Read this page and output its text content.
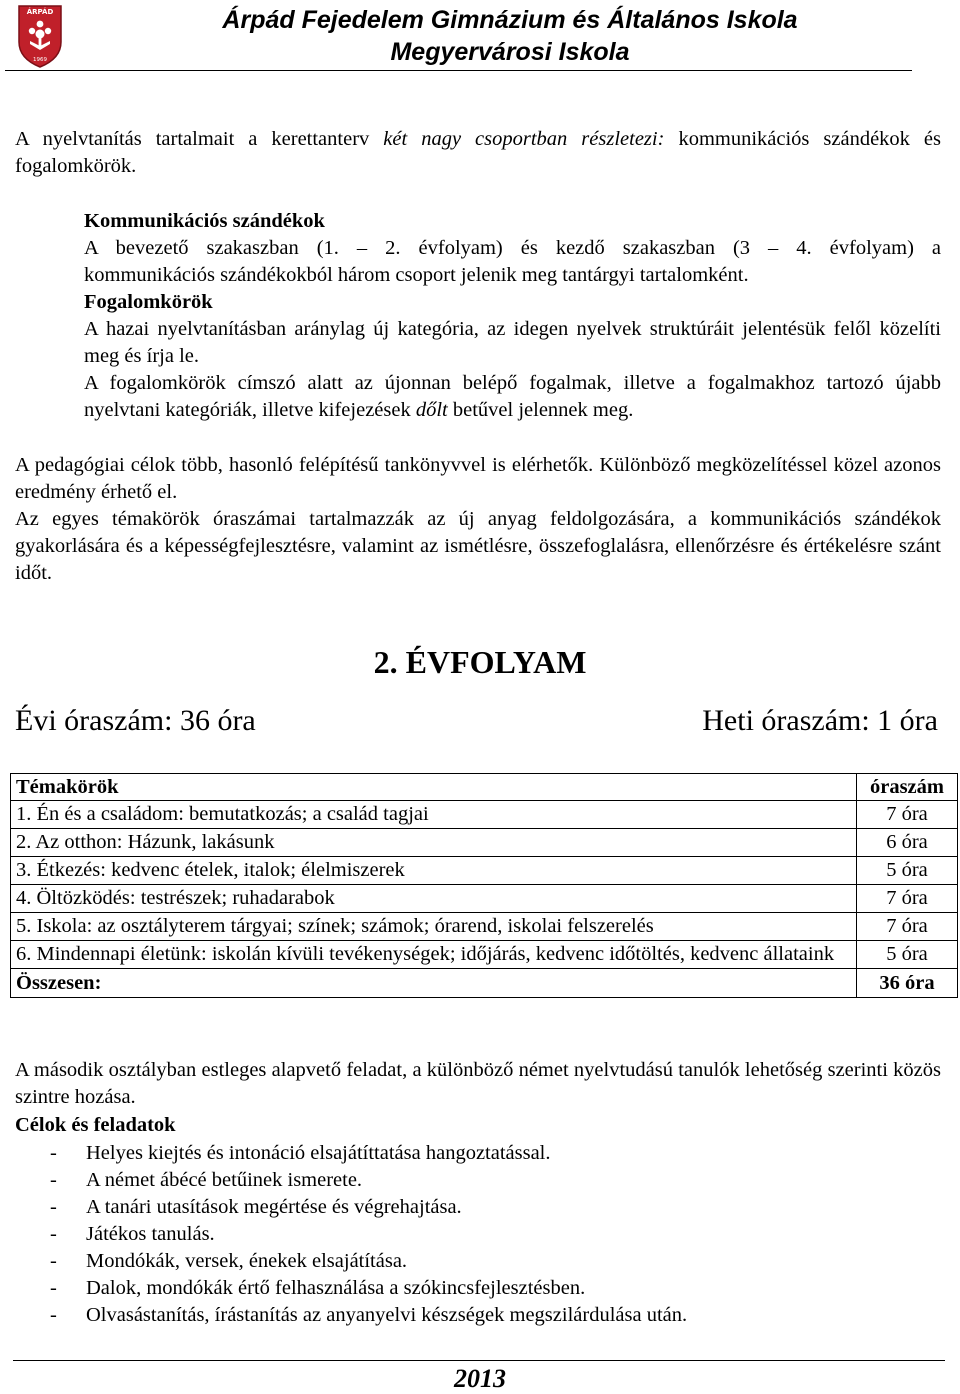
ÁRPÁD
1969
Árpád Fejedelem Gimnázium és Általános Iskola
Megyervárosi Iskola

A nyelvtanítás tartalmait a kerettanterv két nagy csoportban részletezi: kommunikációs szándékok és fogalomkörök.

Kommunikációs szándékok
A bevezető szakaszban (1. – 2. évfolyam) és kezdő szakaszban (3 – 4. évfolyam) a
kommunikációs szándékokból három csoport jelenik meg tantárgyi tartalomként.
Fogalomkörök

A hazai nyelvtanításban aránylag új kategória, az idegen nyelvek struktúráit jelentésük felől közelíti meg és írja le.

A fogalomkörök címszó alatt az újonnan belépő fogalmak, illetve a fogalmakhoz tartozó újabb nyelvtani kategóriák, illetve kifejezések dőlt betűvel jelennek meg.

A pedagógiai célok több, hasonló felépítésű tankönyvvel is elérhetők. Különböző megközelítéssel közel azonos eredmény érhető el.

Az egyes témakörök óraszámai tartalmazzák az új anyag feldolgozására, a kommunikációs szándékok gyakorlására és a képességfejlesztésre, valamint az ismétlésre, összefoglalásra, ellenőrzésre és értékelésre szánt időt.

2. ÉVFOLYAM
Évi óraszám: 36 óra	Heti óraszám: 1 óra
Témakörök	óraszám
1. Én és a családom: bemutatkozás; a család tagjai	7 óra
2. Az otthon: Házunk, lakásunk	6 óra
3. Étkezés: kedvenc ételek, italok; élelmiszerek	5 óra
4. Öltözködés: testrészek; ruhadarabok	7 óra
5. Iskola: az osztályterem tárgyai; színek; számok; órarend, iskolai felszerelés	7 óra
6. Mindennapi életünk: iskolán kívüli tevékenységek; időjárás, kedvenc időtöltés, kedvenc állataink	5 óra
Összesen:	36 óra

A második osztályban estleges alapvető feladat, a különböző német nyelvtudású tanulók lehetőség szerinti közös szintre hozása.

Célok és feladatok
- Helyes kiejtés és intonáció elsajátíttatása hangoztatással.
- A német ábécé betűinek ismerete.
- A tanári utasítások megértése és végrehajtása.
- Játékos tanulás.
- Mondókák, versek, énekek elsajátítása.
- Dalok, mondókák értő felhasználása a szókincsfejlesztésben.
- Olvasástanítás, írástanítás az anyanyelvi készségek megszilárdulása után.
2013
